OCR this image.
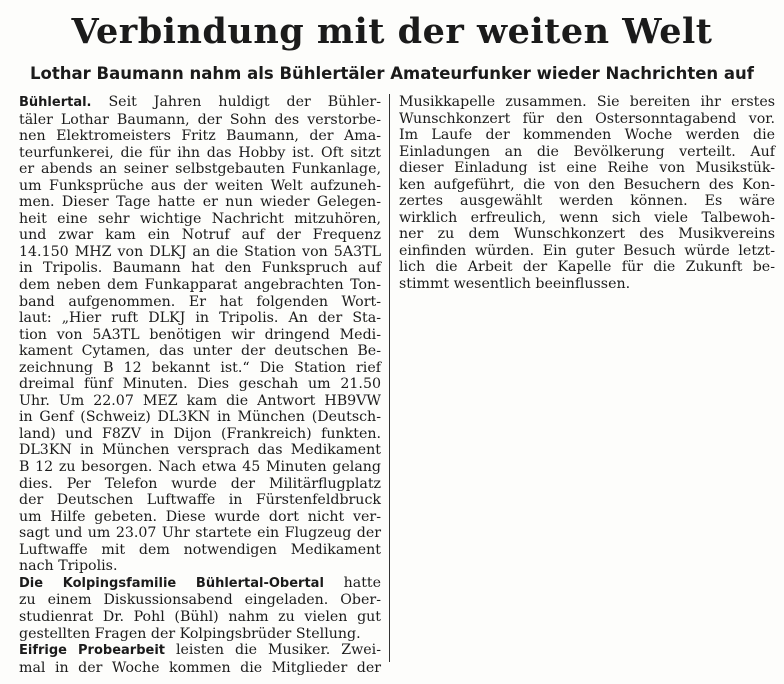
Verbindung mit der weiten Welt
Lothar Baumann nahm als Bühlertäler Amateurfunker wieder Nachrichten auf
Bühlertal. Seit Jahren huldigt der Bühler-
täler Lothar Baumann, der Sohn des verstorbe-
nen Elektromeisters Fritz Baumann, der Ama-
teurfunkerei, die für ihn das Hobby ist. Oft sitzt
er abends an seiner selbstgebauten Funkanlage,
um Funksprüche aus der weiten Welt aufzuneh-
men. Dieser Tage hatte er nun wieder Gelegen-
heit eine sehr wichtige Nachricht mitzuhören,
und zwar kam ein Notruf auf der Frequenz
14.150 MHZ von DLKJ an die Station von 5A3TL
in Tripolis. Baumann hat den Funkspruch auf
dem neben dem Funkapparat angebrachten Ton-
band aufgenommen. Er hat folgenden Wort-
laut: „Hier ruft DLKJ in Tripolis. An der Sta-
tion von 5A3TL benötigen wir dringend Medi-
kament Cytamen, das unter der deutschen Be-
zeichnung B 12 bekannt ist.“ Die Station rief
dreimal fünf Minuten. Dies geschah um 21.50
Uhr. Um 22.07 MEZ kam die Antwort HB9VW
in Genf (Schweiz) DL3KN in München (Deutsch-
land) und F8ZV in Dijon (Frankreich) funkten.
DL3KN in München versprach das Medikament
B 12 zu besorgen. Nach etwa 45 Minuten gelang
dies. Per Telefon wurde der Militärflugplatz
der Deutschen Luftwaffe in Fürstenfeldbruck
um Hilfe gebeten. Diese wurde dort nicht ver-
sagt und um 23.07 Uhr startete ein Flugzeug der
Luftwaffe mit dem notwendigen Medikament
nach Tripolis.
Die Kolpingsfamilie Bühlertal-Obertal hatte
zu einem Diskussionsabend eingeladen. Ober-
studienrat Dr. Pohl (Bühl) nahm zu vielen gut
gestellten Fragen der Kolpingsbrüder Stellung.
Eifrige Probearbeit leisten die Musiker. Zwei-
mal in der Woche kommen die Mitglieder der
Musikkapelle zusammen. Sie bereiten ihr erstes
Wunschkonzert für den Ostersonntagabend vor.
Im Laufe der kommenden Woche werden die
Einladungen an die Bevölkerung verteilt. Auf
dieser Einladung ist eine Reihe von Musikstük-
ken aufgeführt, die von den Besuchern des Kon-
zertes ausgewählt werden können. Es wäre
wirklich erfreulich, wenn sich viele Talbewoh-
ner zu dem Wunschkonzert des Musikvereins
einfinden würden. Ein guter Besuch würde letzt-
lich die Arbeit der Kapelle für die Zukunft be-
stimmt wesentlich beeinflussen.
